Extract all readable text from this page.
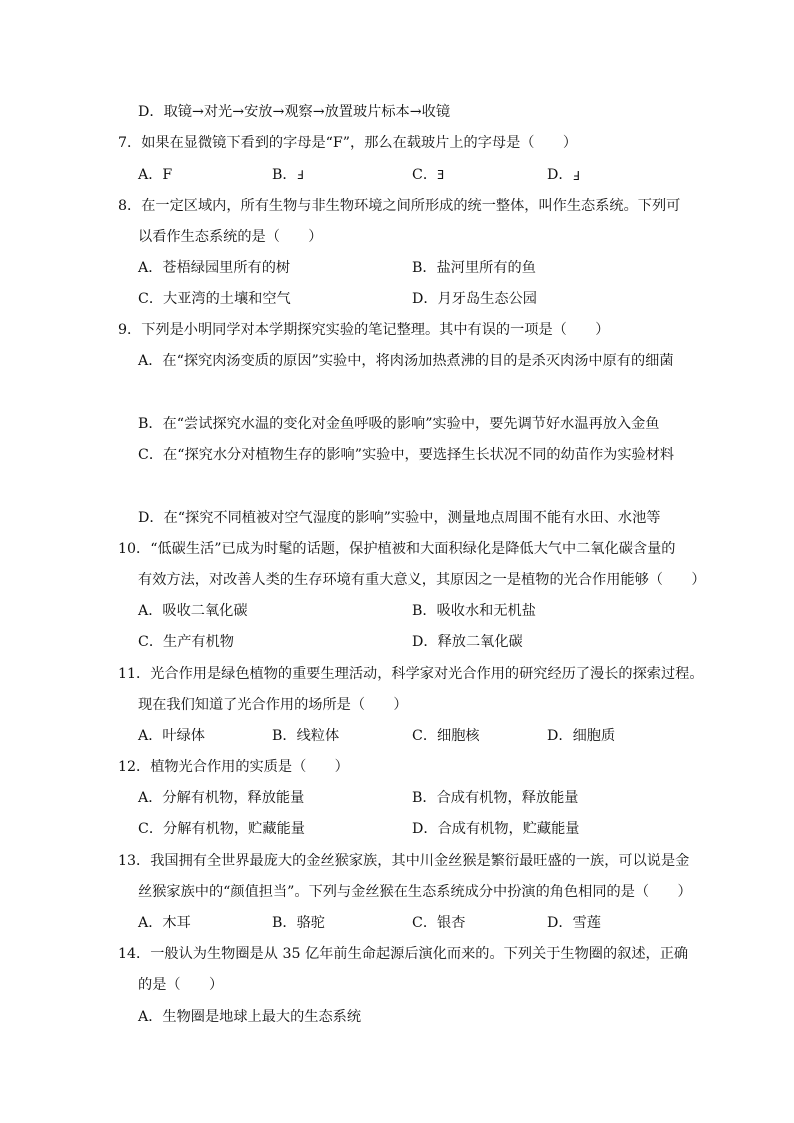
D．取镜→对光→安放→观察→放置玻片标本→收镜
7．如果在显微镜下看到的字母是“F”，那么在载玻片上的字母是（　　）
A．F	B．Ⅎ	C．E	D．F
8．在一定区域内，所有生物与非生物环境之间所形成的统一整体，叫作生态系统。下列可
以看作生态系统的是（　　）
A．苍梧绿园里所有的树	B．盐河里所有的鱼
C．大亚湾的土壤和空气	D．月牙岛生态公园
9．下列是小明同学对本学期探究实验的笔记整理。其中有误的一项是（　　）
A．在“探究肉汤变质的原因”实验中，将肉汤加热煮沸的目的是杀灭肉汤中原有的细菌
B．在“尝试探究水温的变化对金鱼呼吸的影响”实验中，要先调节好水温再放入金鱼
C．在“探究水分对植物生存的影响”实验中，要选择生长状况不同的幼苗作为实验材料
D．在“探究不同植被对空气湿度的影响”实验中，测量地点周围不能有水田、水池等
10．“低碳生活”已成为时髦的话题，保护植被和大面积绿化是降低大气中二氧化碳含量的
有效方法，对改善人类的生存环境有重大意义，其原因之一是植物的光合作用能够（　　）
A．吸收二氧化碳	B．吸收水和无机盐
C．生产有机物	D．释放二氧化碳
11．光合作用是绿色植物的重要生理活动，科学家对光合作用的研究经历了漫长的探索过程。
现在我们知道了光合作用的场所是（　　）
A．叶绿体	B．线粒体	C．细胞核	D．细胞质
12．植物光合作用的实质是（　　）
A．分解有机物，释放能量	B．合成有机物，释放能量
C．分解有机物，贮藏能量	D．合成有机物，贮藏能量
13．我国拥有全世界最庞大的金丝猴家族，其中川金丝猴是繁衍最旺盛的一族，可以说是金
丝猴家族中的“颜值担当”。下列与金丝猴在生态系统成分中扮演的角色相同的是（　　）
A．木耳	B．骆驼	C．银杏	D．雪莲
14．一般认为生物圈是从 35 亿年前生命起源后演化而来的。下列关于生物圈的叙述，正确
的是（　　）
A．生物圈是地球上最大的生态系统
